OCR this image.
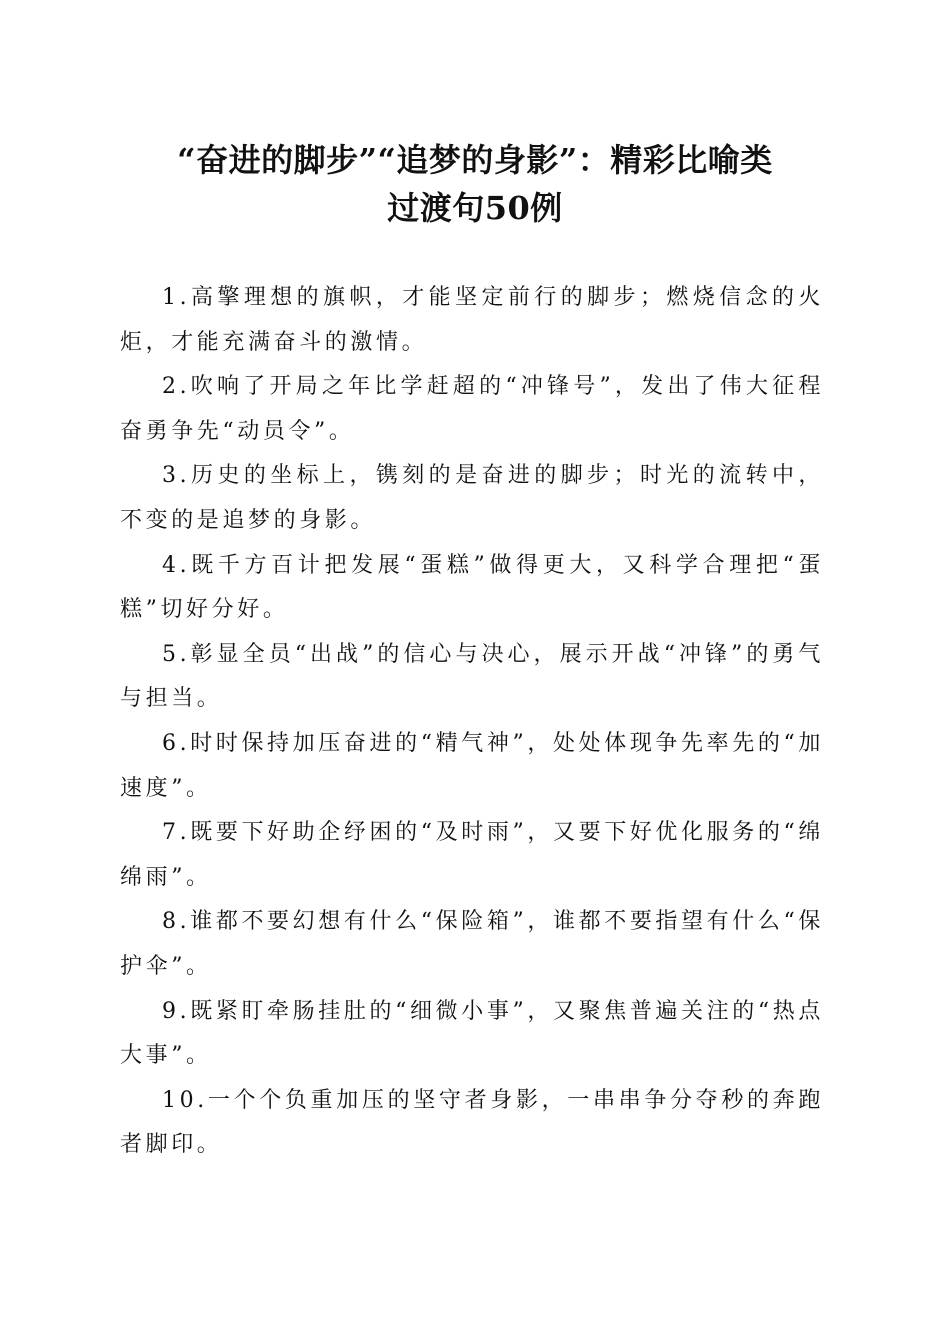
“奋进的脚步”“追梦的身影”：精彩比喻类
过渡句50例

1.高擎理想的旗帜，才能坚定前行的脚步；燃烧信念的火炬，才能充满奋斗的激情。

2.吹响了开局之年比学赶超的“冲锋号”，发出了伟大征程奋勇争先“动员令”。

3.历史的坐标上，镌刻的是奋进的脚步；时光的流转中，不变的是追梦的身影。

4.既千方百计把发展“蛋糕”做得更大，又科学合理把“蛋糕”切好分好。

5.彰显全员“出战”的信心与决心，展示开战“冲锋”的勇气与担当。

6.时时保持加压奋进的“精气神”，处处体现争先率先的“加速度”。

7.既要下好助企纾困的“及时雨”，又要下好优化服务的“绵绵雨”。

8.谁都不要幻想有什么“保险箱”，谁都不要指望有什么“保护伞”。

9.既紧盯牵肠挂肚的“细微小事”，又聚焦普遍关注的“热点大事”。

10.一个个负重加压的坚守者身影，一串串争分夺秒的奔跑者脚印。
